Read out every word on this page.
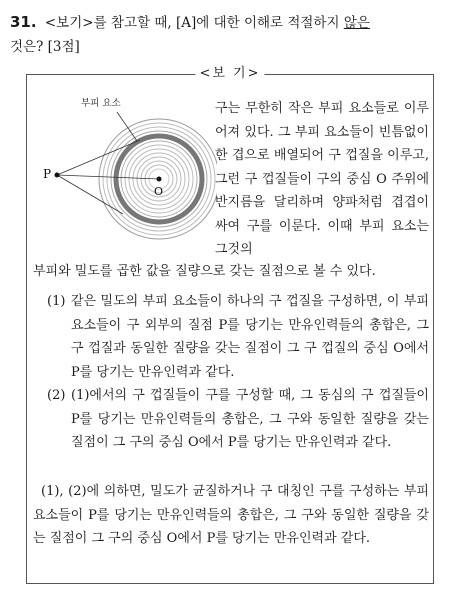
31. <보기>를 참고할 때, [A]에 대한 이해로 적절하지 않은
것은? [3점]
<보 기>
부피 요소
P
O
구는 무한히 작은 부피 요소들로 이루어져 있다. 그 부피 요소들이 빈틈없이 한 겹으로 배열되어 구 껍질을 이루고, 그런 구 껍질들이 구의 중심 O 주위에 반지름을 달리하며 양파처럼 겹겹이 싸여 구를 이룬다. 이때 부피 요소는 그것의
부피와 밀도를 곱한 값을 질량으로 갖는 질점으로 볼 수 있다.
(1) 같은 밀도의 부피 요소들이 하나의 구 껍질을 구성하면, 이 부피 요소들이 구 외부의 질점 P를 당기는 만유인력들의 총합은, 그 구 껍질과 동일한 질량을 갖는 질점이 그 구 껍질의 중심 O에서 P를 당기는 만유인력과 같다.
(2) (1)에서의 구 껍질들이 구를 구성할 때, 그 동심의 구 껍질들이 P를 당기는 만유인력들의 총합은, 그 구와 동일한 질량을 갖는 질점이 그 구의 중심 O에서 P를 당기는 만유인력과 같다.
(1), (2)에 의하면, 밀도가 균질하거나 구 대칭인 구를 구성하는 부피 요소들이 P를 당기는 만유인력들의 총합은, 그 구와 동일한 질량을 갖는 질점이 그 구의 중심 O에서 P를 당기는 만유인력과 같다.
